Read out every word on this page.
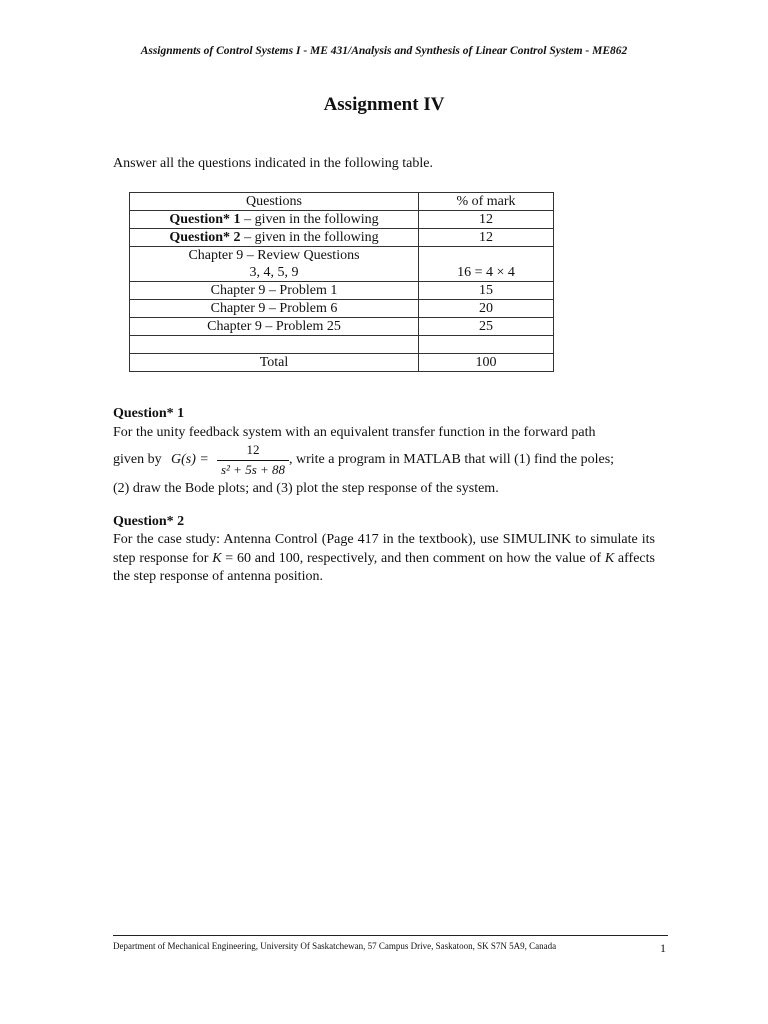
Assignments of Control Systems I - ME 431/Analysis and Synthesis of Linear Control System - ME862
Assignment IV
Answer all the questions indicated in the following table.
Questions	% of mark
Question* 1 – given in the following	12
Question* 2 – given in the following	12

Chapter 9 – Review Questions
3, 4, 5, 9	16 = 4 × 4
Chapter 9 – Problem 1	15
Chapter 9 – Problem 6	20
Chapter 9 – Problem 25	25

Total	100
Question* 1
For the unity feedback system with an equivalent transfer function in the forward path
given by G(s) =
12
s² + 5s + 88
, write a program in MATLAB that will (1) find the poles;
(2) draw the Bode plots; and (3) plot the step response of the system.
Question* 2
For the case study: Antenna Control (Page 417 in the textbook), use SIMULINK to simulate its step response for K = 60 and 100, respectively, and then comment on how the value of K affects the step response of antenna position.
Department of Mechanical Engineering, University Of Saskatchewan, 57 Campus Drive, Saskatoon, SK S7N 5A9, Canada	1
